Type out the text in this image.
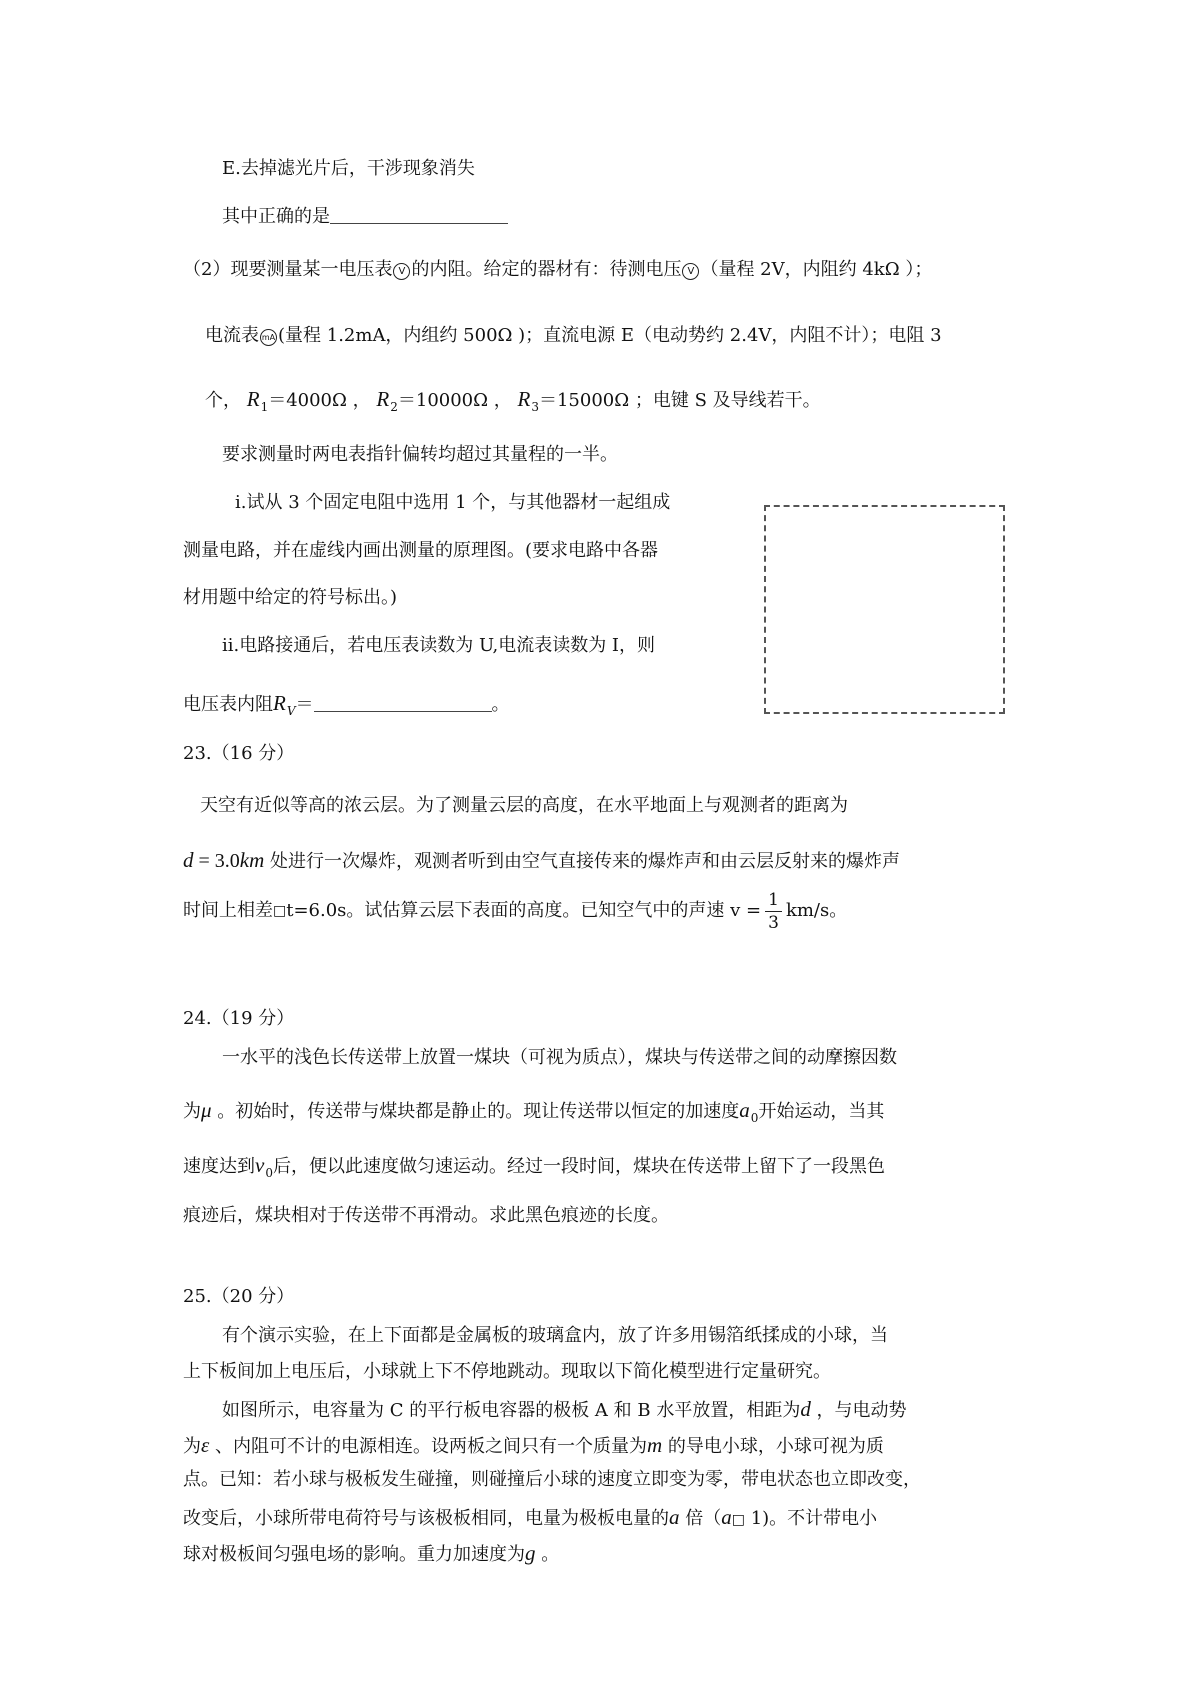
E.去掉滤光片后，干涉现象消失
其中正确的是
（2）现要测量某一电压表 V 的内阻。给定的器材有：待测电压 V （量程 2V，内阻约 4kΩ ）；
电流表 mA (量程 1.2mA，内组约 500Ω )；直流电源 E（电动势约 2.4V，内阻不计）；电阻 3
个， $R_1=4000\Omega$ ， $R_2=10000\Omega$ ， $R_3=15000\Omega$ ；电键 S 及导线若干。
要求测量时两电表指针偏转均超过其量程的一半。
i.试从 3 个固定电阻中选用 1 个，与其他器材一起组成
测量电路，并在虚线内画出测量的原理图。(要求电路中各器
材用题中给定的符号标出。)
ii.电路接通后，若电压表读数为 U,电流表读数为 I，则
电压表内阻$R_V=$	。
23.（16 分）
天空有近似等高的浓云层。为了测量云层的高度，在水平地面上与观测者的距离为
d = 3.0km 处进行一次爆炸，观测者听到由空气直接传来的爆炸声和由云层反射来的爆炸声
时间上相差 □ t=6.0s。试估算云层下表面的高度。已知空气中的声速 $v = \frac{1}{3} km/s$。
24.（19 分）
一水平的浅色长传送带上放置一煤块（可视为质点），煤块与传送带之间的动摩擦因数
为μ 。初始时，传送带与煤块都是静止的。现让传送带以恒定的加速度$a_0$开始运动，当其
速度达到$v_0$后，便以此速度做匀速运动。经过一段时间，煤块在传送带上留下了一段黑色
痕迹后，煤块相对于传送带不再滑动。求此黑色痕迹的长度。
25.（20 分）
有个演示实验，在上下面都是金属板的玻璃盒内，放了许多用锡箔纸揉成的小球，当
上下板间加上电压后，小球就上下不停地跳动。现取以下简化模型进行定量研究。
如图所示，电容量为 C 的平行板电容器的极板 A 和 B 水平放置，相距为d ，与电动势
为ε 、内阻可不计的电源相连。设两板之间只有一个质量为m 的导电小球，小球可视为质
点。已知：若小球与极板发生碰撞，则碰撞后小球的速度立即变为零，带电状态也立即改变，
改变后，小球所带电荷符号与该极板相同，电量为极板电量的a 倍（a□ 1)。不计带电小
球对极板间匀强电场的影响。重力加速度为g 。
